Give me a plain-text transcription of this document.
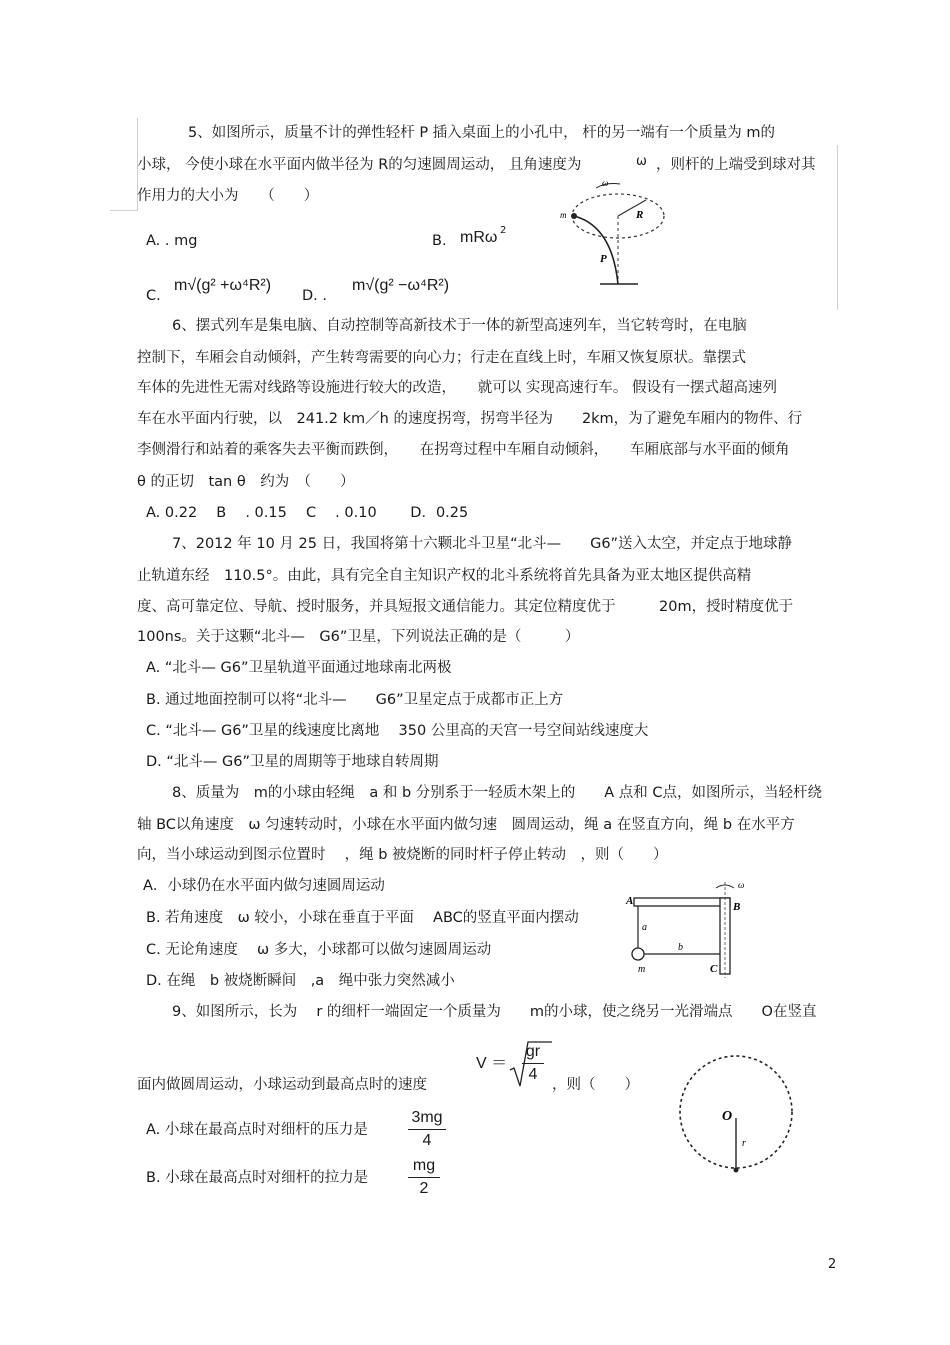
5、如图所示，质量不计的弹性轻杆 P 插入桌面上的小孔中， 杆的另一端有一个质量为 m的
小球， 今使小球在水平面内做半径为 R的匀速圆周运动， 且角速度为	ω ，则杆的上端受到球对其
作用力的大小为　　（　　）
A. . mg	B. mRω 2
C.
m√(g² +ω⁴R²)
D. .
m√(g² −ω⁴R²)
ω
R
m
P
6、摆式列车是集电脑、自动控制等高新技术于一体的新型高速列车，当它转弯时，在电脑
控制下，车厢会自动倾斜，产生转弯需要的向心力；行走在直线上时，车厢又恢复原状。靠摆式
车体的先进性无需对线路等设施进行较大的改造，　　就可以 实现高速行车。 假设有一摆式超高速列
车在水平面内行驶，以　241.2 km／h 的速度拐弯，拐弯半径为　　2km，为了避免车厢内的物件、行
李侧滑行和站着的乘客失去平衡而跌倒，　　在拐弯过程中车厢自动倾斜，　　车厢底部与水平面的倾角
θ 的正切　tan θ　约为　（　　）
A. 0.22　 B　 . 0.15　 C　 . 0.10　　 D．0.25
7、2012 年 10 月 25 日，我国将第十六颗北斗卫星“北斗—　　G6”送入太空，并定点于地球静
止轨道东经　110.5°。由此，具有完全自主知识产权的北斗系统将首先具备为亚太地区提供高精
度、高可靠定位、导航、授时服务，并具短报文通信能力。其定位精度优于　　　20m，授时精度优于
100ns。关于这颗“北斗—　G6”卫星，下列说法正确的是（　　　）
A. “北斗— G6”卫星轨道平面通过地球南北两极
B. 通过地面控制可以将“北斗—　　G6”卫星定点于成都市正上方
C. “北斗— G6”卫星的线速度比离地　 350 公里高的天宫一号空间站线速度大
D. “北斗— G6”卫星的周期等于地球自转周期
8、质量为　m的小球由轻绳　a 和 b 分别系于一轻质木架上的　　A 点和 C点，如图所示，当轻杆绕
轴 BC以角速度　ω 匀速转动时，小球在水平面内做匀速　圆周运动，绳 a 在竖直方向，绳 b 在水平方
向，当小球运动到图示位置时　 ，绳 b 被烧断的同时杆子停止转动　，则（　　）
A．小球仍在水平面内做匀速圆周运动
B. 若角速度　ω 较小，小球在垂直于平面　 ABC的竖直平面内摆动
C. 无论角速度　 ω 多大，小球都可以做匀速圆周运动
D. 在绳　b 被烧断瞬间　,a　绳中张力突然减小
A	B
C
a
b
m
ω
9、如图所示，长为　 r 的细杆一端固定一个质量为　　m的小球，使之绕另一光滑端点　　O在竖直
面内做圆周运动，小球运动到最高点时的速度
V ＝
gr
4
，则（　　）
A. 小球在最高点时对细杆的压力是
3mg
4
B. 小球在最高点时对细杆的拉力是
mg
2
O
r
2
